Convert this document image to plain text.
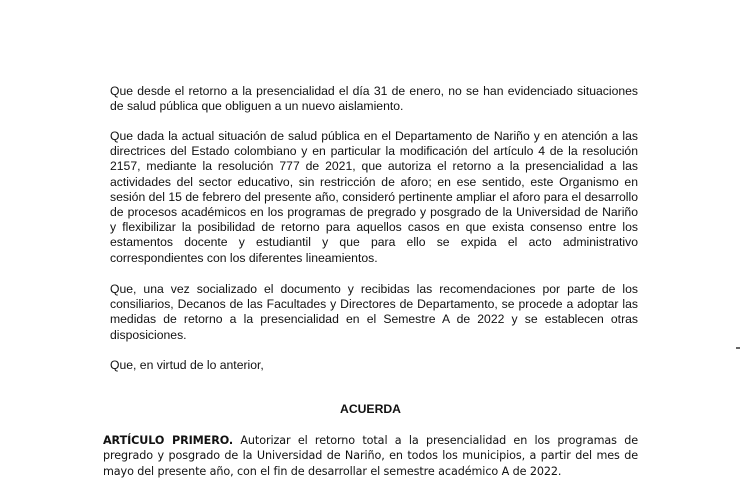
Que desde el retorno a la presencialidad el día 31 de enero, no se han evidenciado situaciones de salud pública que obliguen a un nuevo aislamiento.

Que dada la actual situación de salud pública en el Departamento de Nariño y en atención a las directrices del Estado colombiano y en particular la modificación del artículo 4 de la resolución 2157, mediante la resolución 777 de 2021, que autoriza el retorno a la presencialidad a las actividades del sector educativo, sin restricción de aforo; en ese sentido, este Organismo en sesión del 15 de febrero del presente año, consideró pertinente ampliar el aforo para el desarrollo de procesos académicos en los programas de pregrado y posgrado de la Universidad de Nariño y flexibilizar la posibilidad de retorno para aquellos casos en que exista consenso entre los estamentos docente y estudiantil y que para ello se expida el acto administrativo correspondientes con los diferentes lineamientos.

Que, una vez socializado el documento y recibidas las recomendaciones por parte de los consiliarios, Decanos de las Facultades y Directores de Departamento, se procede a adoptar las medidas de retorno a la presencialidad en el Semestre A de 2022 y se establecen otras disposiciones.

Que, en virtud de lo anterior,

ACUERDA

ARTÍCULO PRIMERO. Autorizar el retorno total a la presencialidad en los programas de pregrado y posgrado de la Universidad de Nariño, en todos los municipios, a partir del mes de mayo del presente año, con el fin de desarrollar el semestre académico A de 2022.
